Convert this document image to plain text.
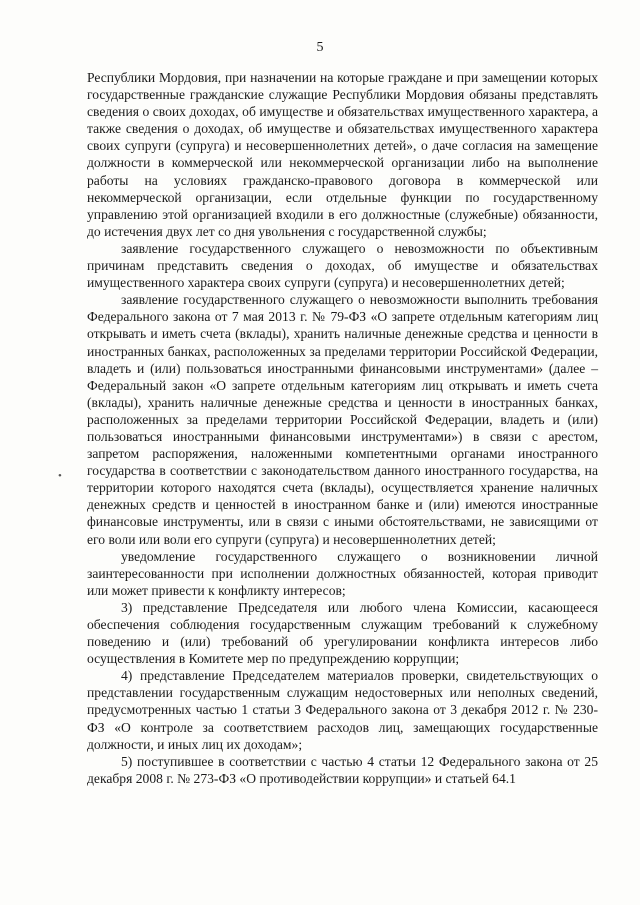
5
•

Республики Мордовия, при назначении на которые граждане и при замещении которых государственные гражданские служащие Республики Мордовия обязаны представлять сведения о своих доходах, об имуществе и обязательствах имущественного характера, а также сведения о доходах, об имуществе и обязательствах имущественного характера своих супруги (супруга) и несовершеннолетних детей», о даче согласия на замещение должности в коммерческой или некоммерческой организации либо на выполнение работы на условиях гражданско-правового договора в коммерческой или некоммерческой организации, если отдельные функции по государственному управлению этой организацией входили в его должностные (служебные) обязанности, до истечения двух лет со дня увольнения с государственной службы;

заявление государственного служащего о невозможности по объективным причинам представить сведения о доходах, об имуществе и обязательствах имущественного характера своих супруги (супруга) и несовершеннолетних детей;

заявление государственного служащего о невозможности выполнить требования Федерального закона от 7 мая 2013 г. № 79-ФЗ «О запрете отдельным категориям лиц открывать и иметь счета (вклады), хранить наличные денежные средства и ценности в иностранных банках, расположенных за пределами территории Российской Федерации, владеть и (или) пользоваться иностранными финансовыми инструментами» (далее – Федеральный закон «О запрете отдельным категориям лиц открывать и иметь счета (вклады), хранить наличные денежные средства и ценности в иностранных банках, расположенных за пределами территории Российской Федерации, владеть и (или) пользоваться иностранными финансовыми инструментами») в связи с арестом, запретом распоряжения, наложенными компетентными органами иностранного государства в соответствии с законодательством данного иностранного государства, на территории которого находятся счета (вклады), осуществляется хранение наличных денежных средств и ценностей в иностранном банке и (или) имеются иностранные финансовые инструменты, или в связи с иными обстоятельствами, не зависящими от его воли или воли его супруги (супруга) и несовершеннолетних детей;

уведомление государственного служащего о возникновении личной заинтересованности при исполнении должностных обязанностей, которая приводит или может привести к конфликту интересов;

3) представление Председателя или любого члена Комиссии, касающееся обеспечения соблюдения государственным служащим требований к служебному поведению и (или) требований об урегулировании конфликта интересов либо осуществления в Комитете мер по предупреждению коррупции;

4) представление Председателем материалов проверки, свидетельствующих о представлении государственным служащим недостоверных или неполных сведений, предусмотренных частью 1 статьи 3 Федерального закона от 3 декабря 2012 г. № 230-ФЗ «О контроле за соответствием расходов лиц, замещающих государственные должности, и иных лиц их доходам»;

5) поступившее в соответствии с частью 4 статьи 12 Федерального закона от 25 декабря 2008 г. № 273-ФЗ «О противодействии коррупции» и статьей 64.1
